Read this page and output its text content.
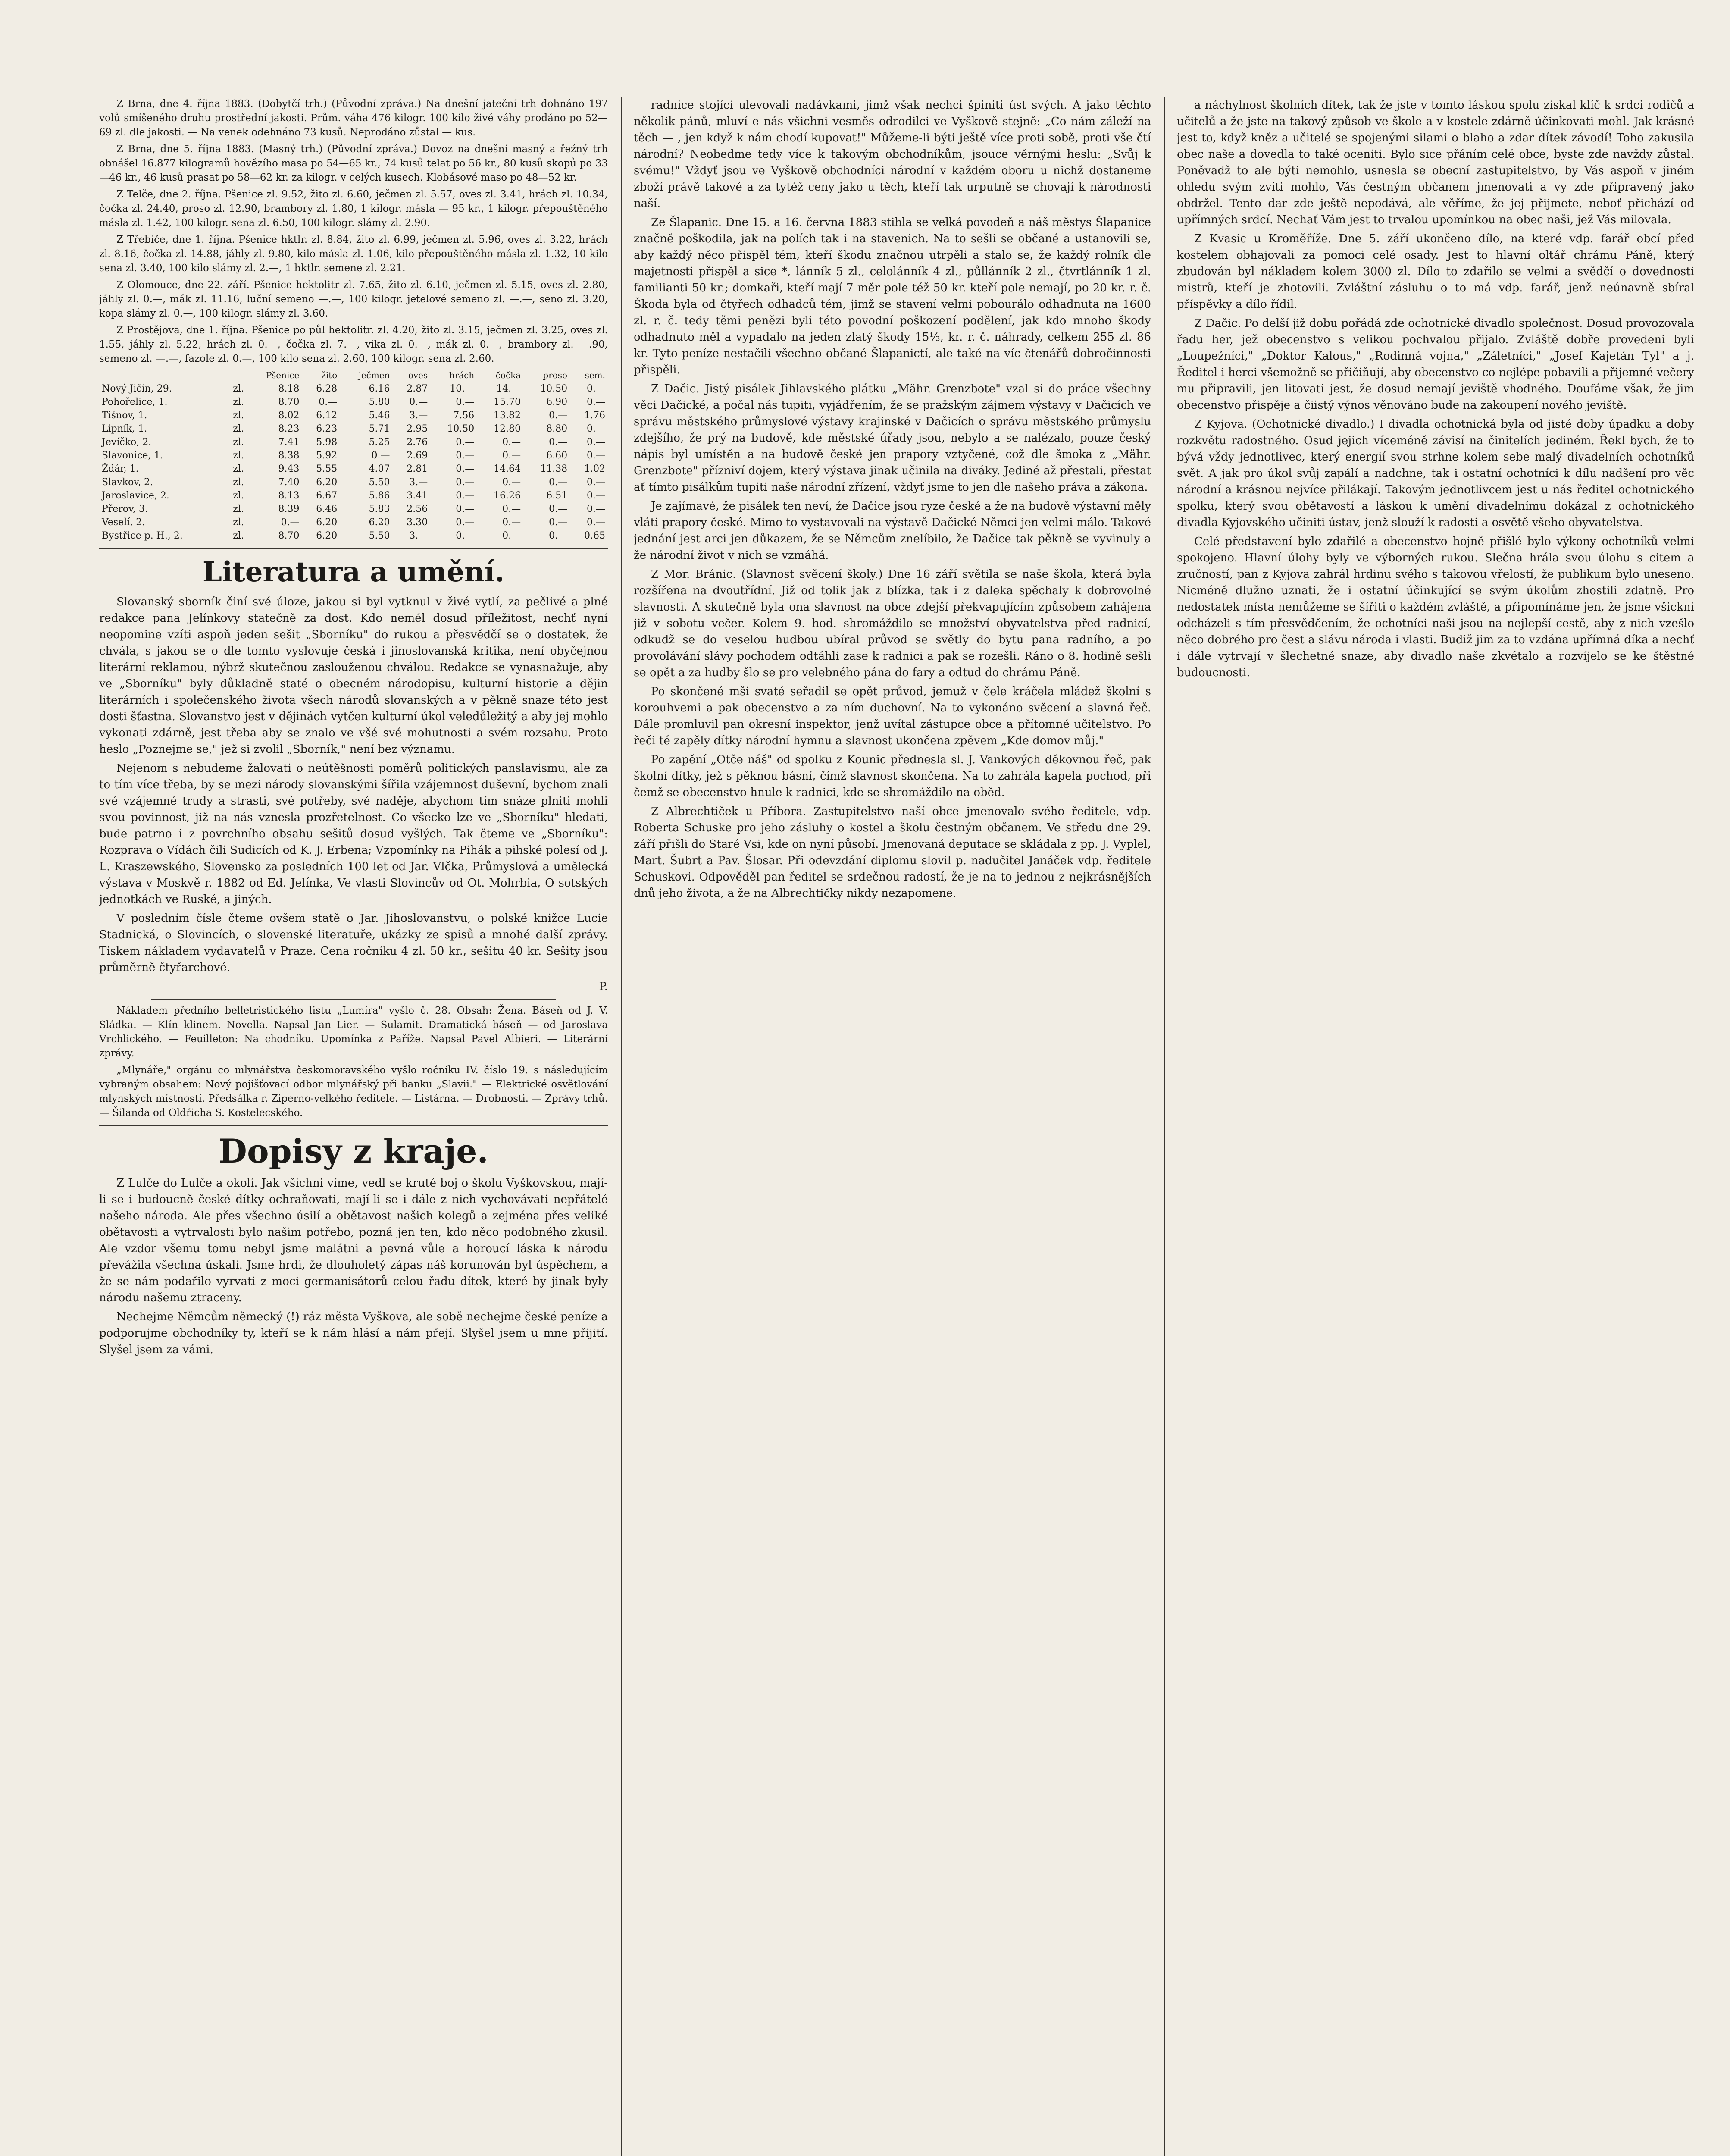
Z Brna, dne 4. října 1883. (Dobytčí trh.) (Původní zpráva.) Na dnešní jateční trh dohnáno 197 volů smíšeného druhu prostřední jakosti. Prům. váha 476 kilogr. 100 kilo živé váhy prodáno po 52—69 zl. dle jakosti. — Na venek odehnáno 73 kusů. Neprodáno zůstal — kus.

Z Brna, dne 5. října 1883. (Masný trh.) (Původní zpráva.) Dovoz na dnešní masný a řeźný trh obnášel 16.877 kilogramů hovězího masa po 54—65 kr., 74 kusů telat po 56 kr., 80 kusů skopů po 33—46 kr., 46 kusů prasat po 58—62 kr. za kilogr. v celých kusech. Klobásové maso po 48—52 kr.

Z Telče, dne 2. října. Pšenice zl. 9.52, žito zl. 6.60, ječmen zl. 5.57, oves zl. 3.41, hrách zl. 10.34, čočka zl. 24.40, proso zl. 12.90, brambory zl. 1.80, 1 kilogr. másla — 95 kr., 1 kilogr. přepouštěného másla zl. 1.42, 100 kilogr. sena zl. 6.50, 100 kilogr. slámy zl. 2.90.

Z Třebíče, dne 1. října. Pšenice hktlr. zl. 8.84, žito zl. 6.99, ječmen zl. 5.96, oves zl. 3.22, hrách zl. 8.16, čočka zl. 14.88, jáhly zl. 9.80, kilo másla zl. 1.06, kilo přepouštěného másla zl. 1.32, 10 kilo sena zl. 3.40, 100 kilo slámy zl. 2.—, 1 hktlr. semene zl. 2.21.

Z Olomouce, dne 22. září. Pšenice hektolitr zl. 7.65, žito zl. 6.10, ječmen zl. 5.15, oves zl. 2.80, jáhly zl. 0.—, mák zl. 11.16, luční semeno —.—, 100 kilogr. jetelové semeno zl. —.—, seno zl. 3.20, kopa slámy zl. 0.—, 100 kilogr. slámy zl. 3.60.

Z Prostějova, dne 1. října. Pšenice po půl hektolitr. zl. 4.20, žito zl. 3.15, ječmen zl. 3.25, oves zl. 1.55, jáhly zl. 5.22, hrách zl. 0.—, čočka zl. 7.—, vika zl. 0.—, mák zl. 0.—, brambory zl. —.90, semeno zl. —.—, fazole zl. 0.—, 100 kilo sena zl. 2.60, 100 kilogr. sena zl. 2.60.

		Pšenice	žito	ječmen	oves	hrách	čočka	proso	sem.
Nový Jičín, 29.	zl.	8.18	6.28	6.16	2.87	10.—	14.—	10.50	0.—
Pohořelice, 1.	zl.	8.70	0.—	5.80	0.—	0.—	15.70	6.90	0.—
Tišnov, 1.	zl.	8.02	6.12	5.46	3.—	7.56	13.82	0.—	1.76
Lipník, 1.	zl.	8.23	6.23	5.71	2.95	10.50	12.80	8.80	0.—
Jevíčko, 2.	zl.	7.41	5.98	5.25	2.76	0.—	0.—	0.—	0.—
Slavonice, 1.	zl.	8.38	5.92	0.—	2.69	0.—	0.—	6.60	0.—
Ždár, 1.	zl.	9.43	5.55	4.07	2.81	0.—	14.64	11.38	1.02
Slavkov, 2.	zl.	7.40	6.20	5.50	3.—	0.—	0.—	0.—	0.—
Jaroslavice, 2.	zl.	8.13	6.67	5.86	3.41	0.—	16.26	6.51	0.—
Přerov, 3.	zl.	8.39	6.46	5.83	2.56	0.—	0.—	0.—	0.—
Veselí, 2.	zl.	0.—	6.20	6.20	3.30	0.—	0.—	0.—	0.—
Bystřice p. H., 2.	zl.	8.70	6.20	5.50	3.—	0.—	0.—	0.—	0.65
Literatura a umění.

Slovanský sborník činí své úloze, jakou si byl vytknul v živé vytlí, za pečlivé a plné redakce pana Jelínkovy statečně za dost. Kdo nemél dosud příležitost, nechť nyní neopomine vzíti aspoň jeden sešit „Sborníku" do rukou a přesvědčí se o dostatek, že chvála, s jakou se o dle tomto vyslovuje česká i jinoslovanská kritika, není obyčejnou literární reklamou, nýbrž skutečnou zaslouženou chválou. Redakce se vynasnažuje, aby ve „Sborníku" byly důkladně staté o obecném národopisu, kulturní historie a dějin literárních i společenského života všech národů slovanských a v pěkně snaze této jest dosti šťastna. Slovanstvo jest v dějinách vytčen kulturní úkol veledůležitý a aby jej mohlo vykonati zdárně, jest třeba aby se znalo ve všé své mohutnosti a svém rozsahu. Proto heslo „Poznejme se," jež si zvolil „Sborník," není bez významu.

Nejenom s nebudeme žalovati o neútěšnosti poměrů politických panslavismu, ale za to tím více třeba, by se mezi národy slovanskými šířila vzájemnost duševní, bychom znali své vzájemné trudy a strasti, své potřeby, své naděje, abychom tím snáze plniti mohli svou povinnost, již na nás vznesla prozřetelnost. Co všecko lze ve „Sborníku" hledati, bude patrno i z povrchního obsahu sešitů dosud vyšlých. Tak čteme ve „Sborníku": Rozprava o Vídách čili Sudicích od K. J. Erbena; Vzpomínky na Pihák a pihské polesí od J. L. Kraszewského, Slovensko za posledních 100 let od Jar. Vlčka, Průmyslová a umělecká výstava v Moskvě r. 1882 od Ed. Jelínka, Ve vlasti Slovincův od Ot. Mohrbia, O sotských jednotkách ve Ruské, a jiných.

V posledním čísle čteme ovšem statě o Jar. Jihoslovanstvu, o polské knižce Lucie Stadnická, o Slovincích, o slovenské literatuře, ukázky ze spisů a mnohé další zprávy. Tiskem nákladem vydavatelů v Praze. Cena ročníku 4 zl. 50 kr., sešitu 40 kr. Sešity jsou průměrně čtyřarchové.

P.

Nákladem předního belletristického listu „Lumíra" vyšlo č. 28. Obsah: Žena. Báseň od J. V. Sládka. — Klín klinem. Novella. Napsal Jan Lier. — Sulamit. Dramatická báseň — od Jaroslava Vrchlického. — Feuilleton: Na chodníku. Upomínka z Paříže. Napsal Pavel Albieri. — Literární zprávy.

„Mlynáře," orgánu co mlynářstva českomoravského vyšlo ročníku IV. číslo 19. s následujícím vybraným obsahem: Nový pojišťovací odbor mlynářský při banku „Slavii." — Elektrické osvětlování mlynských místností. Předsálka r. Ziperno-velkého ředitele. — Listárna. — Drobnosti. — Zprávy trhů. — Šilanda od Oldřicha S. Kostelecského.

Dopisy z kraje.

Z Lulče do Lulče a okolí. Jak všichni víme, vedl se kruté boj o školu Vyškovskou, mají-li se i budoucně české dítky ochraňovati, mají-li se i dále z nich vychovávati nepřátelé našeho národa. Ale přes všechno úsilí a obětavost našich kolegů a zejména přes veliké obětavosti a vytrvalosti bylo našim potřebo, pozná jen ten, kdo něco podobného zkusil. Ale vzdor všemu tomu nebyl jsme malátni a pevná vůle a horoucí láska k národu převážila všechna úskalí. Jsme hrdi, že dlouholetý zápas náš korunován byl úspěchem, a že se nám podařilo vyrvati z moci germanisátorů celou řadu dítek, které by jinak byly národu našemu ztraceny.

Nechejme Němcům německý (!) ráz města Vyškova, ale sobě nechejme české peníze a podporujme obchodníky ty, kteří se k nám hlásí a nám přejí. Slyšel jsem u mne přijití. Slyšel jsem za vámi.

radnice stojící ulevovali nadávkami, jimž však nechci špiniti úst svých. A jako těchto několik pánů, mluví e nás všichni vesměs odrodilci ve Vyškově stejně: „Co nám záleží na těch — , jen když k nám chodí kupovat!" Můžeme-li býti ještě více proti sobě, proti vše čtí národní? Neobedme tedy více k takovým obchodníkům, jsouce věrnými heslu: „Svůj k svému!" Vždyť jsou ve Vyškově obchodníci národní v každém oboru u nichž dostaneme zboží právě takové a za tytéž ceny jako u těch, kteří tak urputně se chovají k národnosti naší.

Ze Šlapanic. Dne 15. a 16. června 1883 stihla se velká povodeň a náš městys Šlapanice značně poškodila, jak na polích tak i na stavenich. Na to sešli se občané a ustanovili se, aby každý něco přispěl tém, kteří škodu značnou utrpěli a stalo se, že každý rolník dle majetnosti přispěl a sice *, lánník 5 zl., celolánník 4 zl., půllánník 2 zl., čtvrtlánník 1 zl. familianti 50 kr.; domkaři, kteří mají 7 měr pole též 50 kr. kteří pole nemají, po 20 kr. r. č. Škoda byla od čtyřech odhadců tém, jimž se stavení velmi pobourálo odhadnuta na 1600 zl. r. č. tedy těmi penězi byli této povodní poškození podělení, jak kdo mnoho škody odhadnuto měl a vypadalo na jeden zlatý škody 15⅓, kr. r. č. náhrady, celkem 255 zl. 86 kr. Tyto peníze nestačili všechno občané Šlapanictí, ale také na víc čtenářů dobročinnosti přispěli.

Z Dačic. Jistý pisálek Jihlavského plátku „Mähr. Grenzbote" vzal si do práce všechny věci Dačické, a počal nás tupiti, vyjádřením, že se pražským zájmem výstavy v Dačicích ve správu městského průmyslové výstavy krajinské v Dačicích o správu městského průmyslu zdejšího, že prý na budově, kde městské úřady jsou, nebylo a se nalézalo, pouze český nápis byl umístěn a na budově české jen prapory vztyčené, což dle šmoka z „Mähr. Grenzbote" přízniví dojem, který výstava jinak učinila na diváky. Jediné až přestali, přestat ať tímto pisálkům tupiti naše národní zřízení, vždyť jsme to jen dle našeho práva a zákona.

Je zajímavé, že pisálek ten neví, že Dačice jsou ryze české a že na budově výstavní měly vláti prapory české. Mimo to vystavovali na výstavě Dačické Němci jen velmi málo. Takové jednání jest arci jen důkazem, že se Němcům znelíbilo, že Dačice tak pěkně se vyvinuly a že národní život v nich se vzmáhá.

Z Mor. Bránic. (Slavnost svěcení školy.) Dne 16 září světila se naše škola, která byla rozšířena na dvoutřídní. Již od tolik jak z blízka, tak i z daleka spěchaly k dobrovolné slavnosti. A skutečně byla ona slavnost na obce zdejší překvapujícím způsobem zahájena již v sobotu večer. Kolem 9. hod. shromáždilo se množství obyvatelstva před radnicí, odkudž se do veselou hudbou ubíral průvod se světly do bytu pana radního, a po provolávání slávy pochodem odtáhli zase k radnici a pak se rozešli. Ráno o 8. hodině sešli se opět a za hudby šlo se pro velebného pána do fary a odtud do chrámu Páně.

Po skončené mši svaté seřadil se opět průvod, jemuž v čele kráčela mládež školní s korouhvemi a pak obecenstvo a za ním duchovní. Na to vykonáno svěcení a slavná řeč. Dále promluvil pan okresní inspektor, jenž uvítal zástupce obce a přítomné učitelstvo. Po řeči té zapěly dítky národní hymnu a slavnost ukončena zpěvem „Kde domov můj."

Po zapění „Otče náš" od spolku z Kounic přednesla sl. J. Vankových děkovnou řeč, pak školní dítky, jež s pěknou básní, čímž slavnost skončena. Na to zahrála kapela pochod, při čemž se obecenstvo hnule k radnici, kde se shromáždilo na oběd.

Z Albrechtiček u Příbora. Zastupitelstvo naší obce jmenovalo svého ředitele, vdp. Roberta Schuske pro jeho zásluhy o kostel a školu čestným občanem. Ve středu dne 29. září přišli do Staré Vsi, kde on nyní působí. Jmenovaná deputace se skládala z pp. J. Vyplel, Mart. Šubrt a Pav. Šlosar. Při odevzdání diplomu slovil p. nadučitel Janáček vdp. ředitele Schuskovi. Odpověděl pan ředitel se srdečnou radostí, že je na to jednou z nejkrásnějších dnů jeho života, a že na Albrechtičky nikdy nezapomene.

a náchylnost školních dítek, tak že jste v tomto láskou spolu získal klíč k srdci rodičů a učitelů a že jste na takový způsob ve škole a v kostele zdárně účinkovati mohl. Jak krásné jest to, když kněz a učitelé se spojenými silami o blaho a zdar dítek závodí! Toho zakusila obec naše a dovedla to také oceniti. Bylo sice přáním celé obce, byste zde navždy zůstal. Poněvadž to ale býti nemohlo, usnesla se obecní zastupitelstvo, by Vás aspoň v jiném ohledu svým zvíti mohlo, Vás čestným občanem jmenovati a vy zde připravený jako obdržel. Tento dar zde ještě nepodává, ale věříme, že jej přijmete, neboť přichází od upřímných srdcí. Nechať Vám jest to trvalou upomínkou na obec naši, jež Vás milovala.

Z Kvasic u Kroměříže. Dne 5. září ukončeno dílo, na které vdp. farář obcí před kostelem obhajovali za pomoci celé osady. Jest to hlavní oltář chrámu Páně, který zbudován byl nákladem kolem 3000 zl. Dílo to zdařilo se velmi a svědčí o dovednosti mistrů, kteří je zhotovili. Zvláštní zásluhu o to má vdp. farář, jenž neúnavně sbíral příspěvky a dílo řídil.

Z Dačic. Po delší již dobu pořádá zde ochotnické divadlo společnost. Dosud provozovala řadu her, jež obecenstvo s velikou pochvalou přijalo. Zvláště dobře provedeni byli „Loupežníci," „Doktor Kalous," „Rodinná vojna," „Záletníci," „Josef Kajetán Tyl" a j. Ředitel i herci všemožně se přičiňují, aby obecenstvo co nejlépe pobavili a přijemné večery mu připravili, jen litovati jest, že dosud nemají jeviště vhodného. Doufáme však, že jim obecenstvo přispěje a čiistý výnos věnováno bude na zakoupení nového jeviště.

Z Kyjova. (Ochotnické divadlo.) I divadla ochotnická byla od jisté doby úpadku a doby rozkvětu radostného. Osud jejich víceméně závisí na činitelích jediném. Řekl bych, že to bývá vždy jednotlivec, který energií svou strhne kolem sebe malý divadelních ochotníků svět. A jak pro úkol svůj zapálí a nadchne, tak i ostatní ochotníci k dílu nadšení pro věc národní a krásnou nejvíce přilákají. Takovým jednotlivcem jest u nás ředitel ochotnického spolku, který svou obětavostí a láskou k umění divadelnímu dokázal z ochotnického divadla Kyjovského učiniti ústav, jenž slouží k radosti a osvětě všeho obyvatelstva.

Celé představení bylo zdařilé a obecenstvo hojně přišlé bylo výkony ochotníků velmi spokojeno. Hlavní úlohy byly ve výborných rukou. Slečna hrála svou úlohu s citem a zručností, pan z Kyjova zahrál hrdinu svého s takovou vřelostí, že publikum bylo uneseno. Nicméně dlužno uznati, že i ostatní účinkující se svým úkolům zhostili zdatně. Pro nedostatek místa nemůžeme se šířiti o každém zvláště, a připomínáme jen, že jsme všickni odcházeli s tím přesvědčením, že ochotníci naši jsou na nejlepší cestě, aby z nich vzešlo něco dobrého pro čest a slávu národa i vlasti. Budiž jim za to vzdána upřímná díka a nechť i dále vytrvají v šlechetné snaze, aby divadlo naše zkvétalo a rozvíjelo se ke štěstné budoucnosti.
